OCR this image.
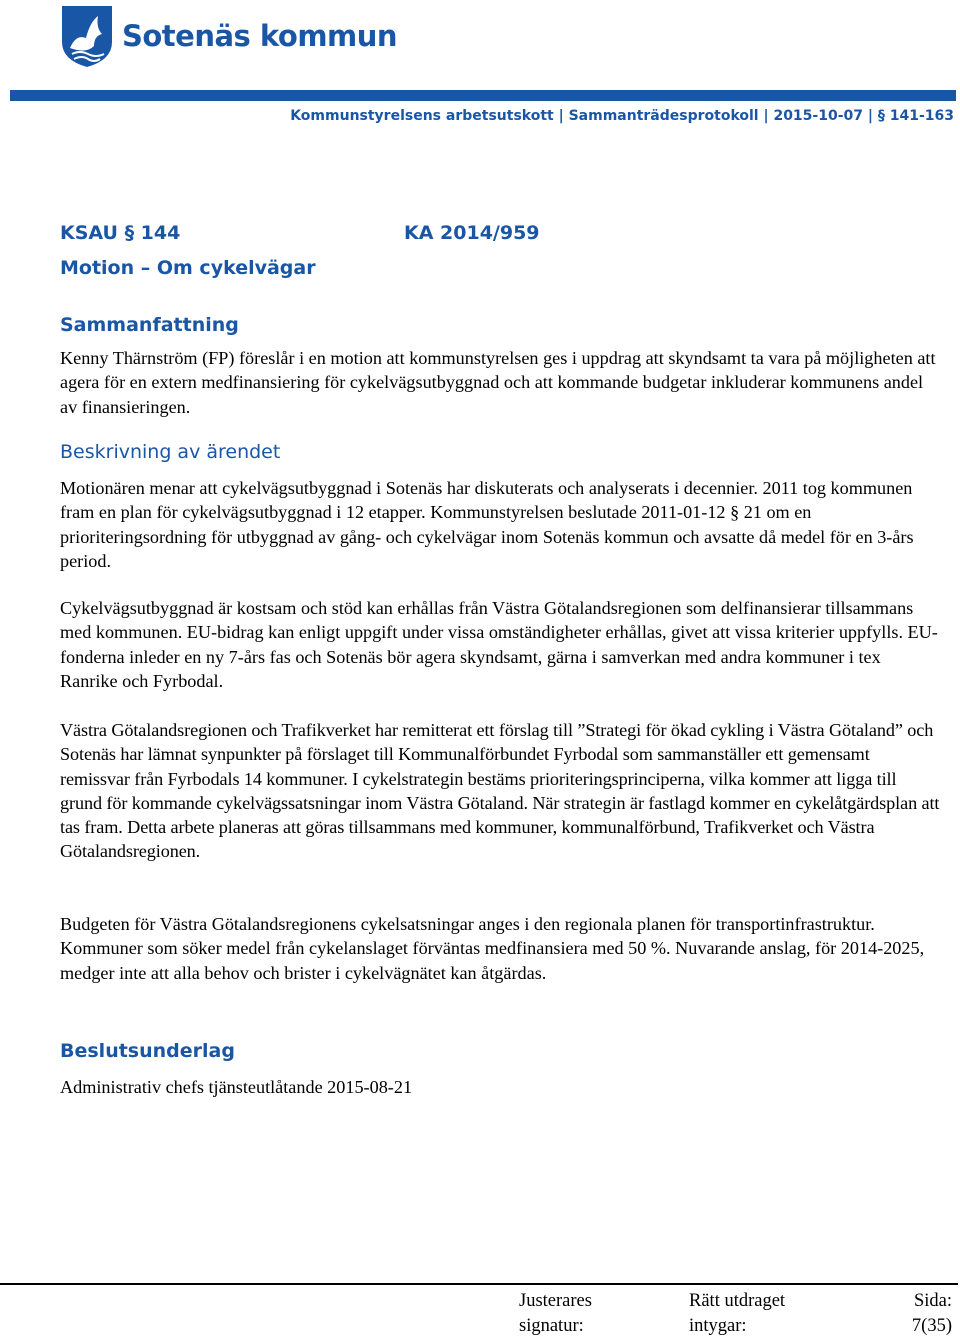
Sotenäs kommun
Kommunstyrelsens arbetsutskott | Sammanträdesprotokoll | 2015-10-07 | § 141-163
KSAU § 144	KA 2014/959
Motion – Om cykelvägar
Sammanfattning

Kenny Thärnström (FP) föreslår i en motion att kommunstyrelsen ges i uppdrag att skyndsamt ta vara på möjligheten att agera för en extern medfinansiering för cykelvägsutbyggnad och att kommande budgetar inkluderar kommunens andel av finansieringen.

Beskrivning av ärendet

Motionären menar att cykelvägsutbyggnad i Sotenäs har diskuterats och analyserats i decennier. 2011 tog kommunen fram en plan för cykelvägsutbyggnad i 12 etapper. Kommunstyrelsen beslutade 2011-01-12 § 21 om en prioriteringsordning för utbyggnad av gång- och cykelvägar inom Sotenäs kommun och avsatte då medel för en 3-års period.

Cykelvägsutbyggnad är kostsam och stöd kan erhållas från Västra Götalandsregionen som delfinansierar tillsammans med kommunen. EU-bidrag kan enligt uppgift under vissa omständigheter erhållas, givet att vissa kriterier uppfylls. EU-fonderna inleder en ny 7-års fas och Sotenäs bör agera skyndsamt, gärna i samverkan med andra kommuner i tex Ranrike och Fyrbodal.

Västra Götalandsregionen och Trafikverket har remitterat ett förslag till ”Strategi för ökad cykling i Västra Götaland” och Sotenäs har lämnat synpunkter på förslaget till Kommunalförbundet Fyrbodal som sammanställer ett gemensamt remissvar från Fyrbodals 14 kommuner. I cykelstrategin bestäms prioriteringsprinciperna, vilka kommer att ligga till grund för kommande cykelvägssatsningar inom Västra Götaland. När strategin är fastlagd kommer en cykelåtgärdsplan att tas fram. Detta arbete planeras att göras tillsammans med kommuner, kommunalförbund, Trafikverket och Västra Götalandsregionen.

Budgeten för Västra Götalandsregionens cykelsatsningar anges i den regionala planen för transportinfrastruktur. Kommuner som söker medel från cykelanslaget förväntas medfinansiera med 50 %. Nuvarande anslag, för 2014-2025, medger inte att alla behov och brister i cykelvägnätet kan åtgärdas.

Beslutsunderlag

Administrativ chefs tjänsteutlåtande 2015-08-21

Justerares
signatur:
Rätt utdraget
intygar:
Sida:
7(35)
